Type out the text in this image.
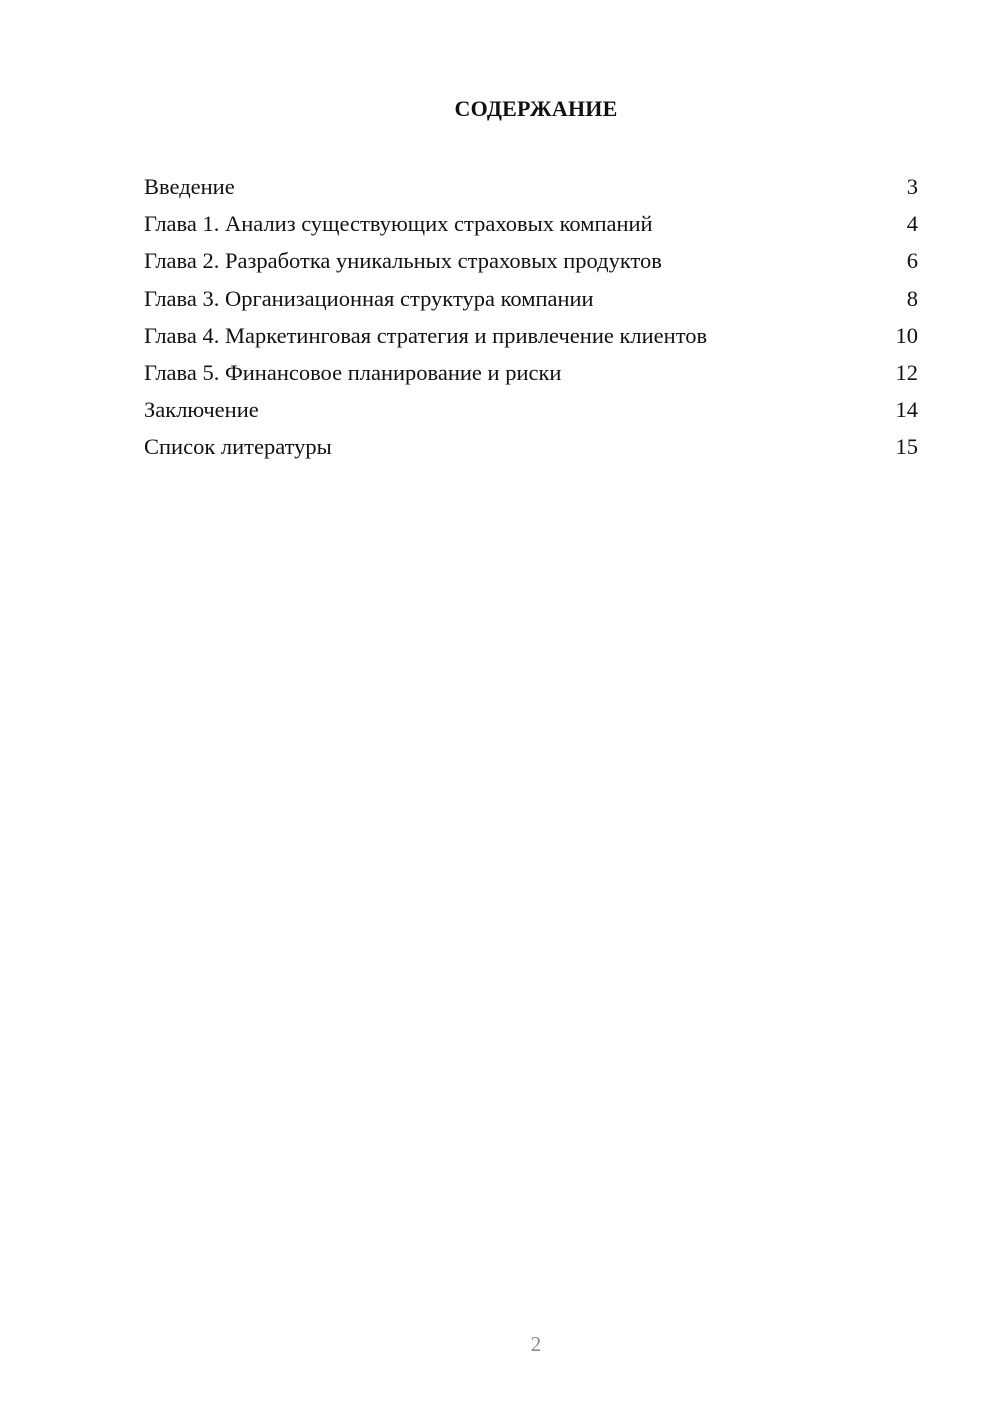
СОДЕРЖАНИЕ
Введение	3
Глава 1. Анализ существующих страховых компаний	4
Глава 2. Разработка уникальных страховых продуктов	6
Глава 3. Организационная структура компании	8
Глава 4. Маркетинговая стратегия и привлечение клиентов	10
Глава 5. Финансовое планирование и риски	12
Заключение	14
Список литературы	15
2
